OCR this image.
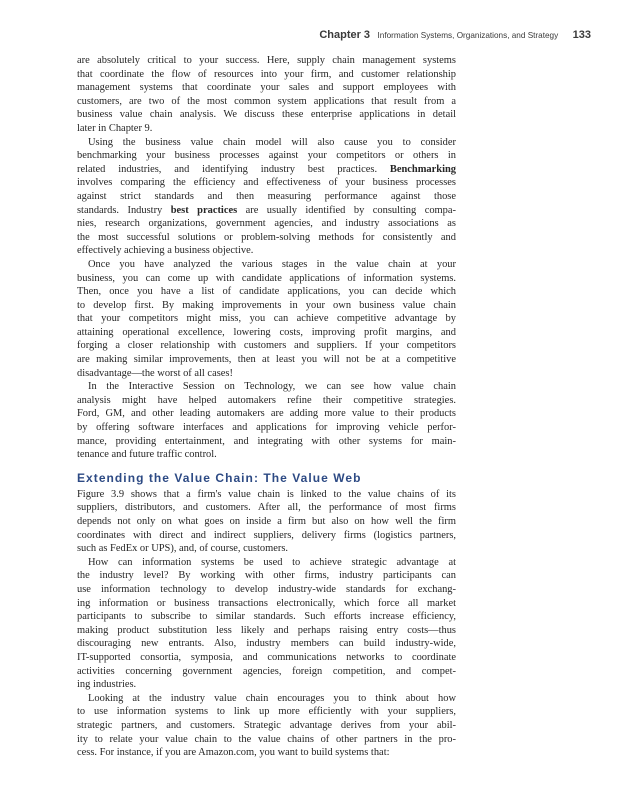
Chapter 3 Information Systems, Organizations, and Strategy 133

are absolutely critical to your success. Here, supply chain management systems
that coordinate the flow of resources into your firm, and customer relationship
management systems that coordinate your sales and support employees with
customers, are two of the most common system applications that result from a
business value chain analysis. We discuss these enterprise applications in detail
later in Chapter 9.

Using the business value chain model will also cause you to consider
benchmarking your business processes against your competitors or others in
related industries, and identifying industry best practices. Benchmarking
involves comparing the efficiency and effectiveness of your business processes
against strict standards and then measuring performance against those
standards. Industry best practices are usually identified by consulting compa-
nies, research organizations, government agencies, and industry associations as
the most successful solutions or problem-solving methods for consistently and
effectively achieving a business objective.

Once you have analyzed the various stages in the value chain at your
business, you can come up with candidate applications of information systems.
Then, once you have a list of candidate applications, you can decide which
to develop first. By making improvements in your own business value chain
that your competitors might miss, you can achieve competitive advantage by
attaining operational excellence, lowering costs, improving profit margins, and
forging a closer relationship with customers and suppliers. If your competitors
are making similar improvements, then at least you will not be at a competitive
disadvantage—the worst of all cases!

In the Interactive Session on Technology, we can see how value chain
analysis might have helped automakers refine their competitive strategies.
Ford, GM, and other leading automakers are adding more value to their products
by offering software interfaces and applications for improving vehicle perfor-
mance, providing entertainment, and integrating with other systems for main-
tenance and future traffic control.

Extending the Value Chain: The Value Web

Figure 3.9 shows that a firm's value chain is linked to the value chains of its
suppliers, distributors, and customers. After all, the performance of most firms
depends not only on what goes on inside a firm but also on how well the firm
coordinates with direct and indirect suppliers, delivery firms (logistics partners,
such as FedEx or UPS), and, of course, customers.

How can information systems be used to achieve strategic advantage at
the industry level? By working with other firms, industry participants can
use information technology to develop industry-wide standards for exchang-
ing information or business transactions electronically, which force all market
participants to subscribe to similar standards. Such efforts increase efficiency,
making product substitution less likely and perhaps raising entry costs—thus
discouraging new entrants. Also, industry members can build industry-wide,
IT-supported consortia, symposia, and communications networks to coordinate
activities concerning government agencies, foreign competition, and compet-
ing industries.

Looking at the industry value chain encourages you to think about how
to use information systems to link up more efficiently with your suppliers,
strategic partners, and customers. Strategic advantage derives from your abil-
ity to relate your value chain to the value chains of other partners in the pro-
cess. For instance, if you are Amazon.com, you want to build systems that:
